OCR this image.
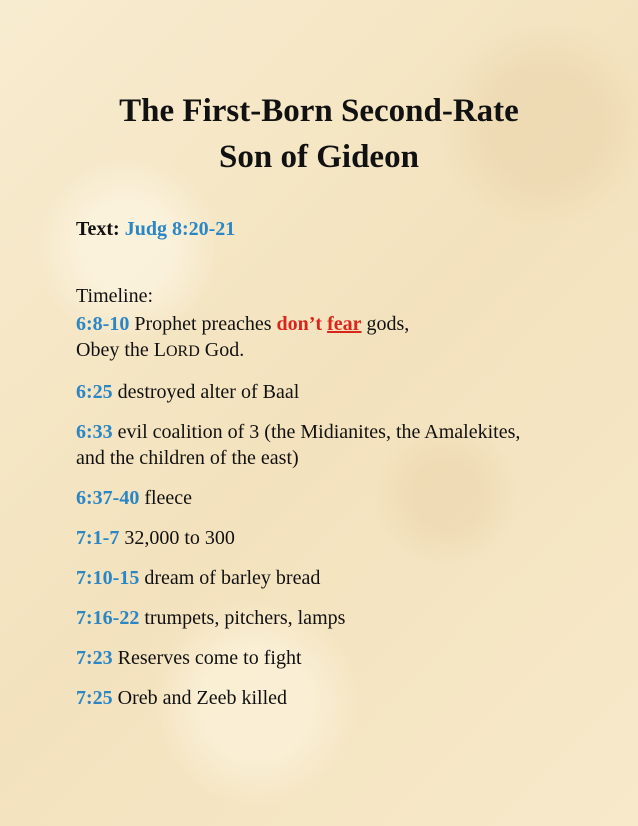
The First-Born Second-Rate
Son of Gideon
Text: Judg 8:20-21
Timeline:
6:8-10 Prophet preaches don’t fear gods,
Obey the LORD God.
6:25 destroyed alter of Baal
6:33 evil coalition of 3 (the Midianites, the Amalekites, and the children of the east)
6:37-40 fleece
7:1-7 32,000 to 300
7:10-15 dream of barley bread
7:16-22 trumpets, pitchers, lamps
7:23 Reserves come to fight
7:25 Oreb and Zeeb killed
